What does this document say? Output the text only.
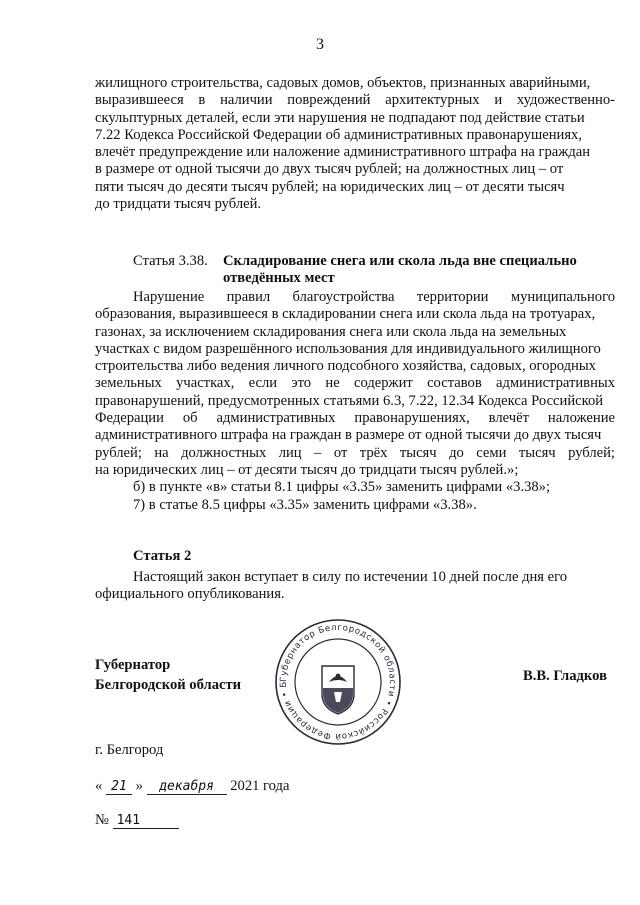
3
жилищного строительства, садовых домов, объектов, признанных аварийными,
выразившееся в наличии повреждений архитектурных и художественно-
скульптурных деталей, если эти нарушения не подпадают под действие статьи
7.22 Кодекса Российской Федерации об административных правонарушениях,
влечёт предупреждение или наложение административного штрафа на граждан
в размере от одной тысячи до двух тысяч рублей; на должностных лиц – от
пяти тысяч до десяти тысяч рублей; на юридических лиц – от десяти тысяч
до тридцати тысяч рублей.
Статья 3.38. Складирование снега или скола льда вне специально
отведённых мест
Нарушение правил благоустройства территории муниципального
образования, выразившееся в складировании снега или скола льда на тротуарах,
газонах, за исключением складирования снега или скола льда на земельных
участках с видом разрешённого использования для индивидуального жилищного
строительства либо ведения личного подсобного хозяйства, садовых, огородных
земельных участках, если это не содержит составов административных
правонарушений, предусмотренных статьями 6.3, 7.22, 12.34 Кодекса Российской
Федерации об административных правонарушениях, влечёт наложение
административного штрафа на граждан в размере от одной тысячи до двух тысяч
рублей; на должностных лиц – от трёх тысяч до семи тысяч рублей;
на юридических лиц – от десяти тысяч до тридцати тысяч рублей.»;
б) в пункте «в» статьи 8.1 цифры «3.35» заменить цифрами «3.38»;
7) в статье 8.5 цифры «3.35» заменить цифрами «3.38».
Статья 2
Настоящий закон вступает в силу по истечении 10 дней после дня его
официального опубликования.
Губернатор
Белгородской области	Губернатор Белгородской области • Российской Федерации • Б
В.В. Гладков
г. Белгород
« 21 » декабря 2021 года
№ 141
